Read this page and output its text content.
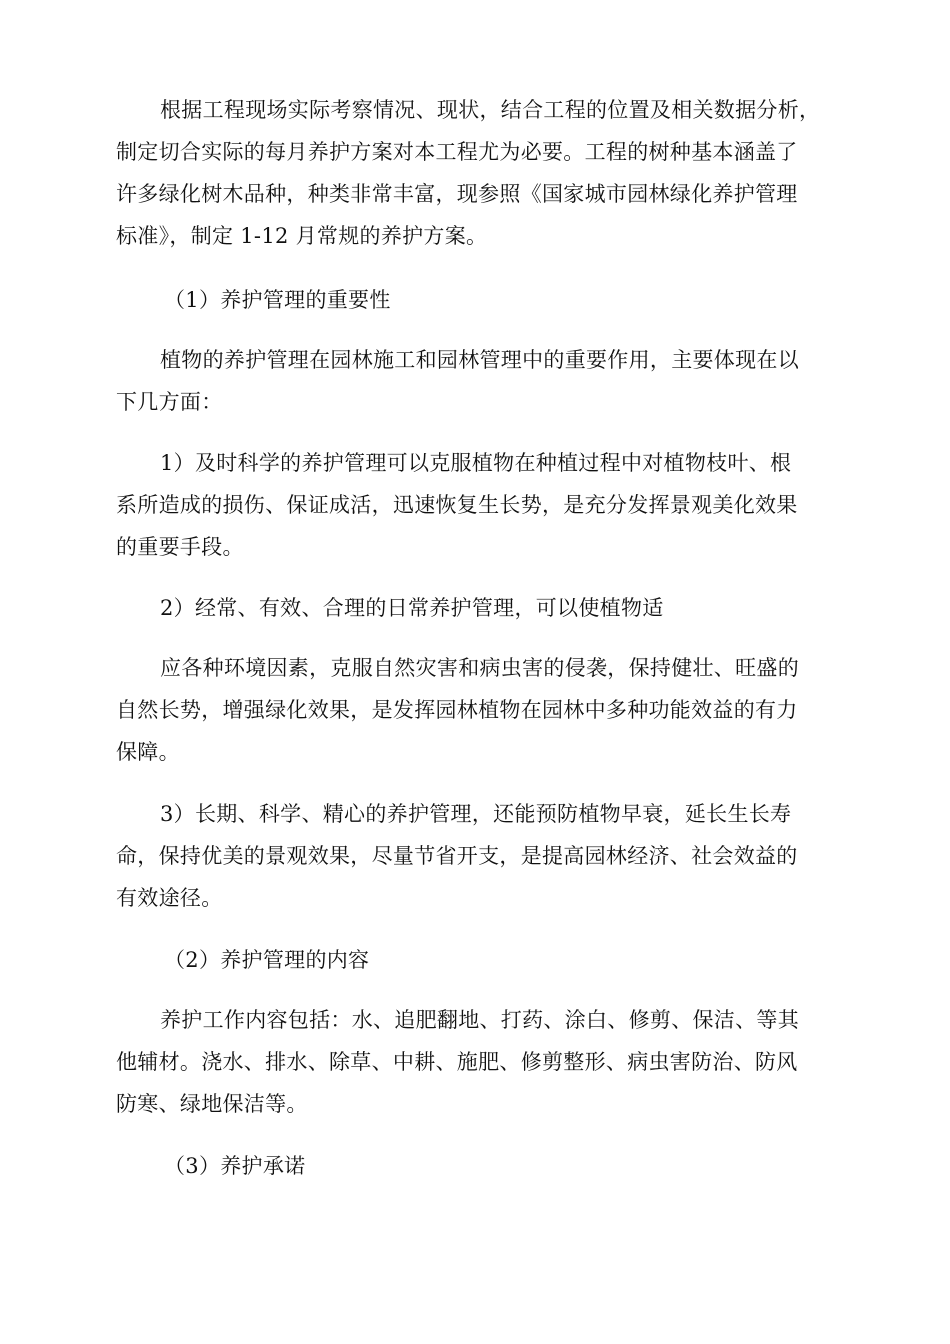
根据工程现场实际考察情况、现状，结合工程的位置及相关数据分析，
制定切合实际的每月养护方案对本工程尤为必要。工程的树种基本涵盖了
许多绿化树木品种，种类非常丰富，现参照《国家城市园林绿化养护管理
标准》，制定 1-12 月常规的养护方案。
（1）养护管理的重要性
植物的养护管理在园林施工和园林管理中的重要作用，主要体现在以
下几方面：
1）及时科学的养护管理可以克服植物在种植过程中对植物枝叶、根
系所造成的损伤、保证成活，迅速恢复生长势，是充分发挥景观美化效果
的重要手段。
2）经常、有效、合理的日常养护管理，可以使植物适
应各种环境因素，克服自然灾害和病虫害的侵袭，保持健壮、旺盛的
自然长势，增强绿化效果，是发挥园林植物在园林中多种功能效益的有力
保障。
3）长期、科学、精心的养护管理，还能预防植物早衰，延长生长寿
命，保持优美的景观效果，尽量节省开支，是提高园林经济、社会效益的
有效途径。
（2）养护管理的内容
养护工作内容包括：水、追肥翻地、打药、涂白、修剪、保洁、等其
他辅材。浇水、排水、除草、中耕、施肥、修剪整形、病虫害防治、防风
防寒、绿地保洁等。
（3）养护承诺
